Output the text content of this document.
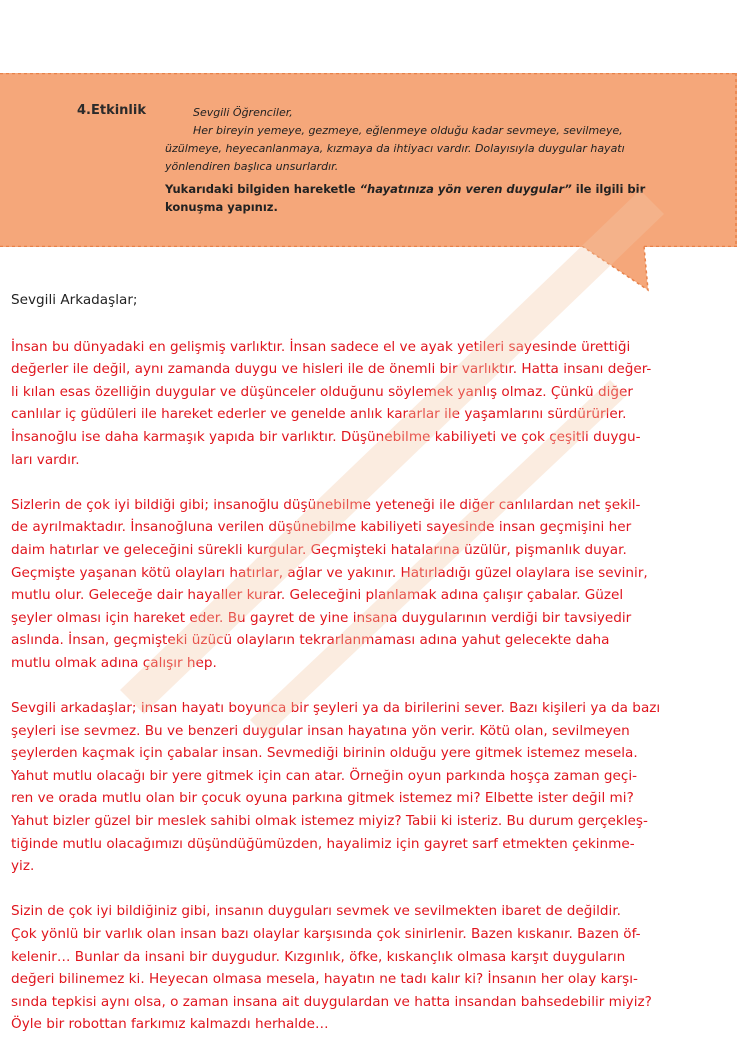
4.Etkinlik	Sevgili Öğrenciler,
Her bireyin yemeye, gezmeye, eğlenmeye olduğu kadar sevmeye, sevilmeye,
üzülmeye, heyecanlanmaya, kızmaya da ihtiyacı vardır. Dolayısıyla duygular hayatı
yönlendiren başlıca unsurlardır.
Yukarıdaki bilgiden hareketle “hayatınıza yön veren duygular” ile ilgili bir
konuşma yapınız.

Sevgili Arkadaşlar;

İnsan bu dünyadaki en gelişmiş varlıktır. İnsan sadece el ve ayak yetileri sayesinde ürettiği
değerler ile değil, aynı zamanda duygu ve hisleri ile de önemli bir varlıktır. Hatta insanı değer-
li kılan esas özelliğin duygular ve düşünceler olduğunu söylemek yanlış olmaz. Çünkü diğer
canlılar iç güdüleri ile hareket ederler ve genelde anlık kararlar ile yaşamlarını sürdürürler.
İnsanoğlu ise daha karmaşık yapıda bir varlıktır. Düşünebilme kabiliyeti ve çok çeşitli duygu-
ları vardır.
Sizlerin de çok iyi bildiği gibi; insanoğlu düşünebilme yeteneği ile diğer canlılardan net şekil-
de ayrılmaktadır. İnsanoğluna verilen düşünebilme kabiliyeti sayesinde insan geçmişini her
daim hatırlar ve geleceğini sürekli kurgular. Geçmişteki hatalarına üzülür, pişmanlık duyar.
Geçmişte yaşanan kötü olayları hatırlar, ağlar ve yakınır. Hatırladığı güzel olaylara ise sevinir,
mutlu olur. Geleceğe dair hayaller kurar. Geleceğini planlamak adına çalışır çabalar. Güzel
şeyler olması için hareket eder. Bu gayret de yine insana duygularının verdiği bir tavsiyedir
aslında. İnsan, geçmişteki üzücü olayların tekrarlanmaması adına yahut gelecekte daha
mutlu olmak adına çalışır hep.
Sevgili arkadaşlar; insan hayatı boyunca bir şeyleri ya da birilerini sever. Bazı kişileri ya da bazı
şeyleri ise sevmez. Bu ve benzeri duygular insan hayatına yön verir. Kötü olan, sevilmeyen
şeylerden kaçmak için çabalar insan. Sevmediği birinin olduğu yere gitmek istemez mesela.
Yahut mutlu olacağı bir yere gitmek için can atar. Örneğin oyun parkında hoşça zaman geçi-
ren ve orada mutlu olan bir çocuk oyuna parkına gitmek istemez mi? Elbette ister değil mi?
Yahut bizler güzel bir meslek sahibi olmak istemez miyiz? Tabii ki isteriz. Bu durum gerçekleş-
tiğinde mutlu olacağımızı düşündüğümüzden, hayalimiz için gayret sarf etmekten çekinme-
yiz.
Sizin de çok iyi bildiğiniz gibi, insanın duyguları sevmek ve sevilmekten ibaret de değildir.
Çok yönlü bir varlık olan insan bazı olaylar karşısında çok sinirlenir. Bazen kıskanır. Bazen öf-
kelenir… Bunlar da insani bir duygudur. Kızgınlık, öfke, kıskançlık olmasa karşıt duyguların
değeri bilinemez ki. Heyecan olmasa mesela, hayatın ne tadı kalır ki? İnsanın her olay karşı-
sında tepkisi aynı olsa, o zaman insana ait duygulardan ve hatta insandan bahsedebilir miyiz?
Öyle bir robottan farkımız kalmazdı herhalde…
